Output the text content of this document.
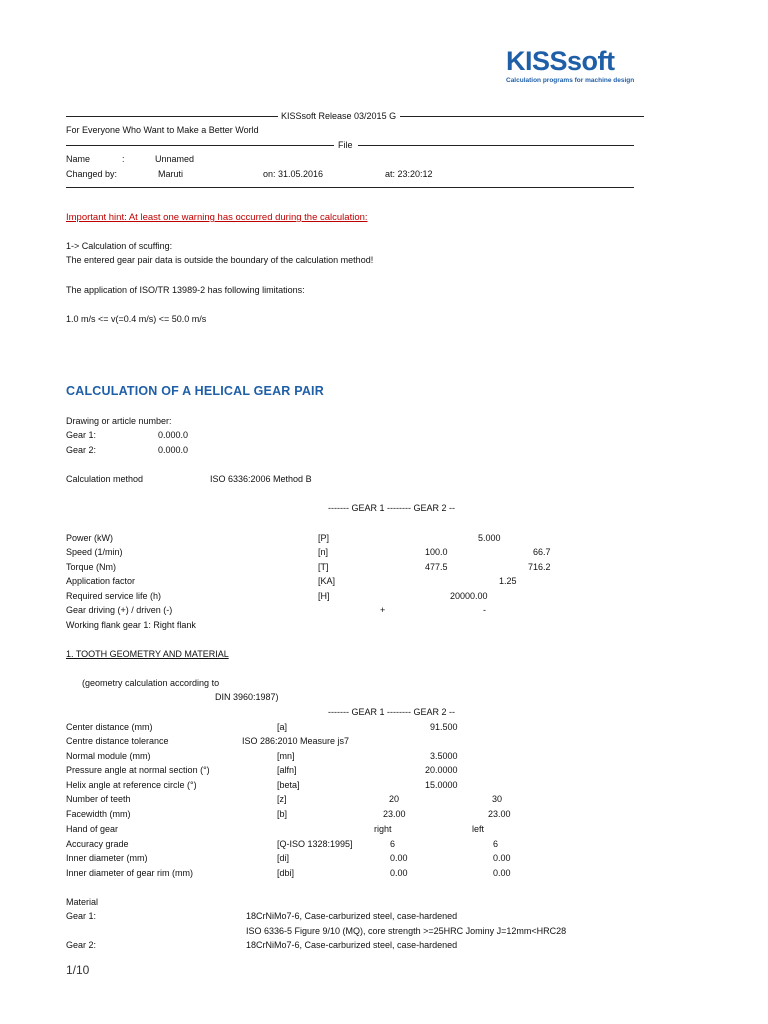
KISSsoft
Calculation programs for machine design
KISSsoft Release 03/2015 G
For Everyone Who Want to Make a Better World
File
Name	:	Unnamed
Changed by:	Maruti	on: 31.05.2016	at: 23:20:12
Important hint: At least one warning has occurred during the calculation:
1-> Calculation of scuffing:
The entered gear pair data is outside the boundary of the calculation method!
The application of ISO/TR 13989-2 has following limitations:
1.0 m/s <= v(=0.4 m/s) <= 50.0 m/s
CALCULATION OF A HELICAL GEAR PAIR
Drawing or article number:
Gear 1:	0.000.0
Gear 2:	0.000.0
Calculation method	ISO 6336:2006 Method B
------- GEAR 1 -------- GEAR 2 --
Power (kW)	[P]	5.000
Speed (1/min)	[n]	100.0	66.7
Torque (Nm)	[T]	477.5	716.2
Application factor	[KA]	1.25
Required service life (h)	[H]	20000.00
Gear driving (+) / driven (-)	+	-
Working flank gear 1: Right flank
1. TOOTH GEOMETRY AND MATERIAL
(geometry calculation according to
DIN 3960:1987)
------- GEAR 1 -------- GEAR 2 --
Center distance (mm)	[a]	91.500
Centre distance tolerance	ISO 286:2010 Measure js7
Normal module (mm)	[mn]	3.5000
Pressure angle at normal section (°)	[alfn]	20.0000
Helix angle at reference circle (°)	[beta]	15.0000
Number of teeth	[z]	20	30
Facewidth (mm)	[b]	23.00	23.00
Hand of gear	right	left
Accuracy grade	[Q-ISO 1328:1995]	6	6
Inner diameter (mm)	[di]	0.00	0.00
Inner diameter of gear rim (mm)	[dbi]	0.00	0.00
Material
Gear 1:	18CrNiMo7-6, Case-carburized steel, case-hardened
ISO 6336-5 Figure 9/10 (MQ), core strength >=25HRC Jominy J=12mm<HRC28
Gear 2:	18CrNiMo7-6, Case-carburized steel, case-hardened
1/10
